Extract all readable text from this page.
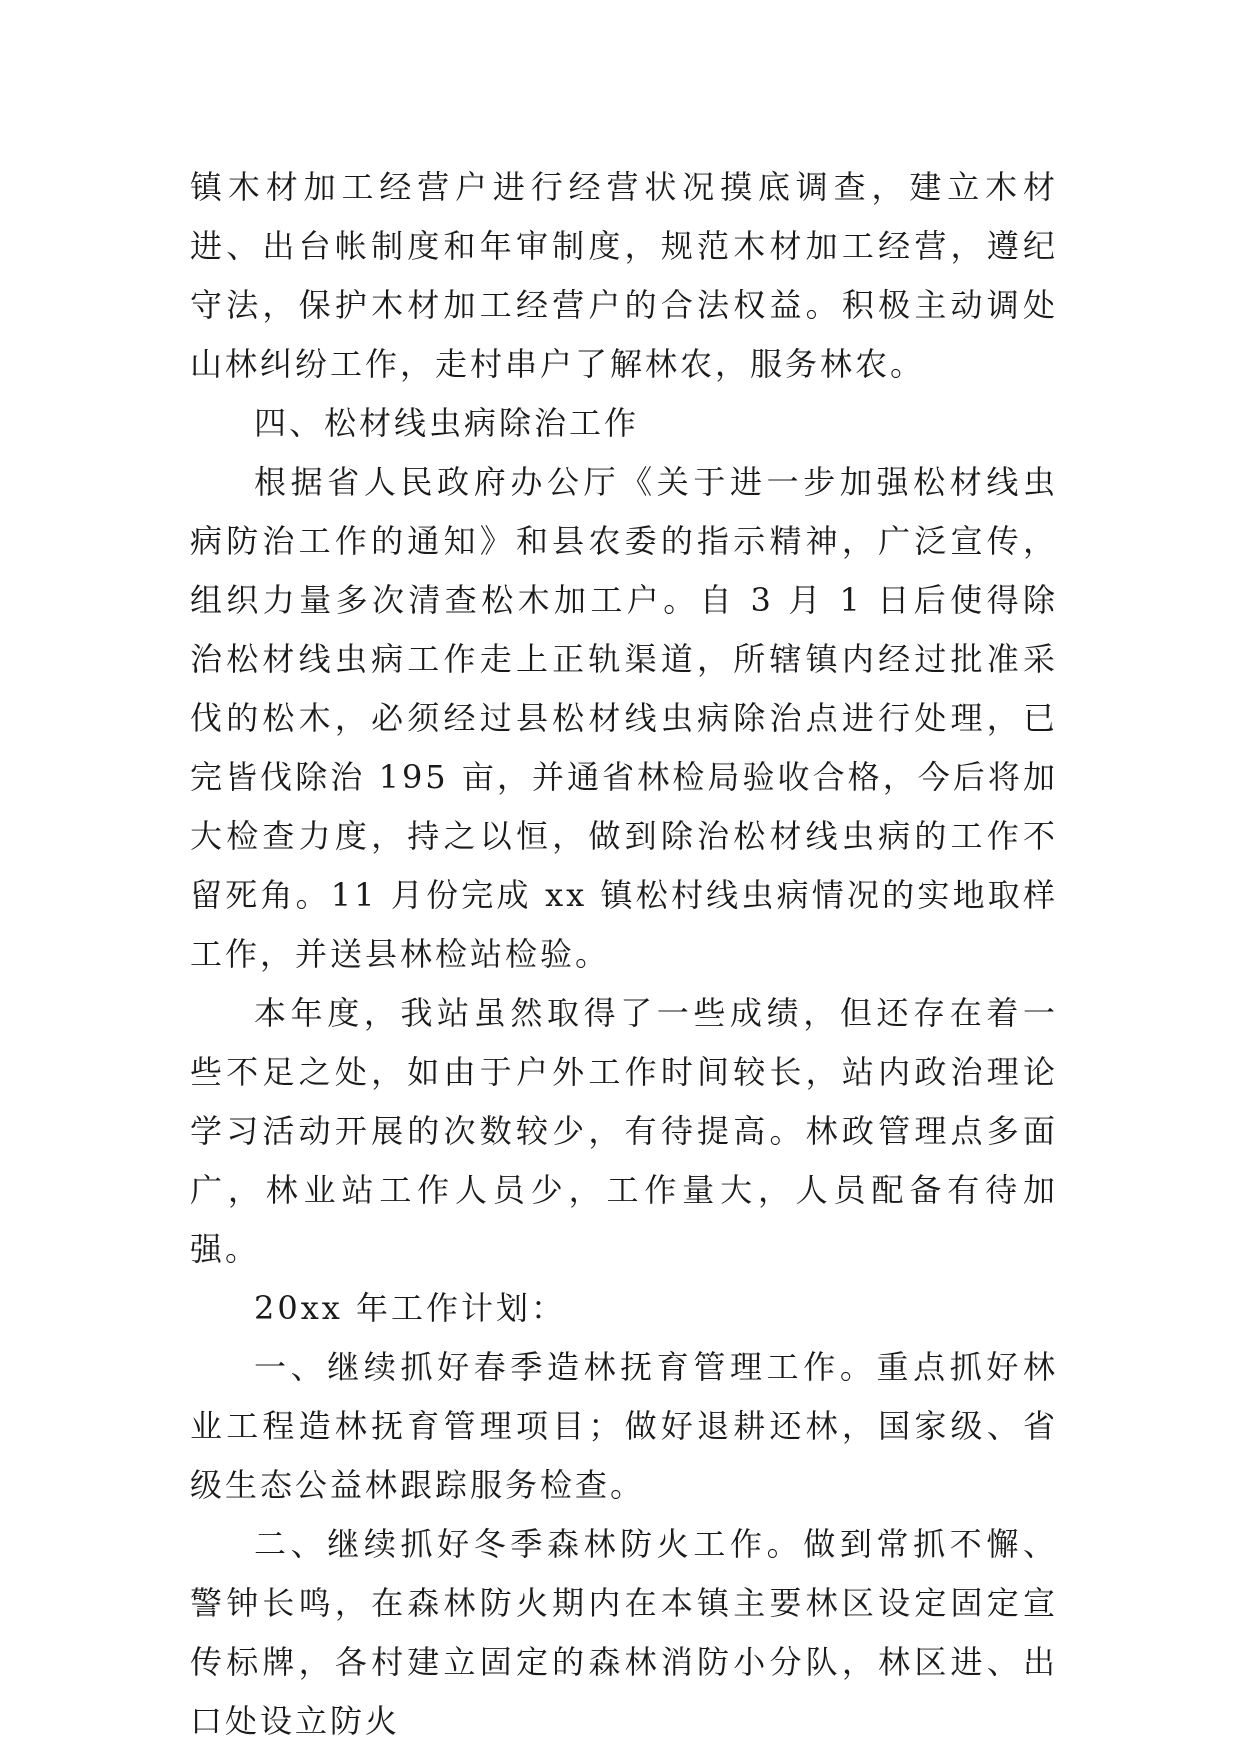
镇木材加工经营户进行经营状况摸底调查，建立木材进、出台帐制度和年审制度，规范木材加工经营，遵纪守法，保护木材加工经营户的合法权益。积极主动调处山林纠纷工作，走村串户了解林农，服务林农。

四、松材线虫病除治工作

根据省人民政府办公厅《关于进一步加强松材线虫病防治工作的通知》和县农委的指示精神，广泛宣传，组织力量多次清查松木加工户。自 3 月 1 日后使得除治松材线虫病工作走上正轨渠道，所辖镇内经过批准采伐的松木，必须经过县松材线虫病除治点进行处理，已完皆伐除治 195 亩，并通省林检局验收合格，今后将加大检查力度，持之以恒，做到除治松材线虫病的工作不留死角。11 月份完成 xx 镇松村线虫病情况的实地取样工作，并送县林检站检验。

本年度，我站虽然取得了一些成绩，但还存在着一些不足之处，如由于户外工作时间较长，站内政治理论学习活动开展的次数较少，有待提高。林政管理点多面广，林业站工作人员少，工作量大，人员配备有待加强。

20xx 年工作计划：

一、继续抓好春季造林抚育管理工作。重点抓好林业工程造林抚育管理项目；做好退耕还林，国家级、省级生态公益林跟踪服务检查。

二、继续抓好冬季森林防火工作。做到常抓不懈、警钟长鸣，在森林防火期内在本镇主要林区设定固定宣传标牌，各村建立固定的森林消防小分队，林区进、出口处设立防火
